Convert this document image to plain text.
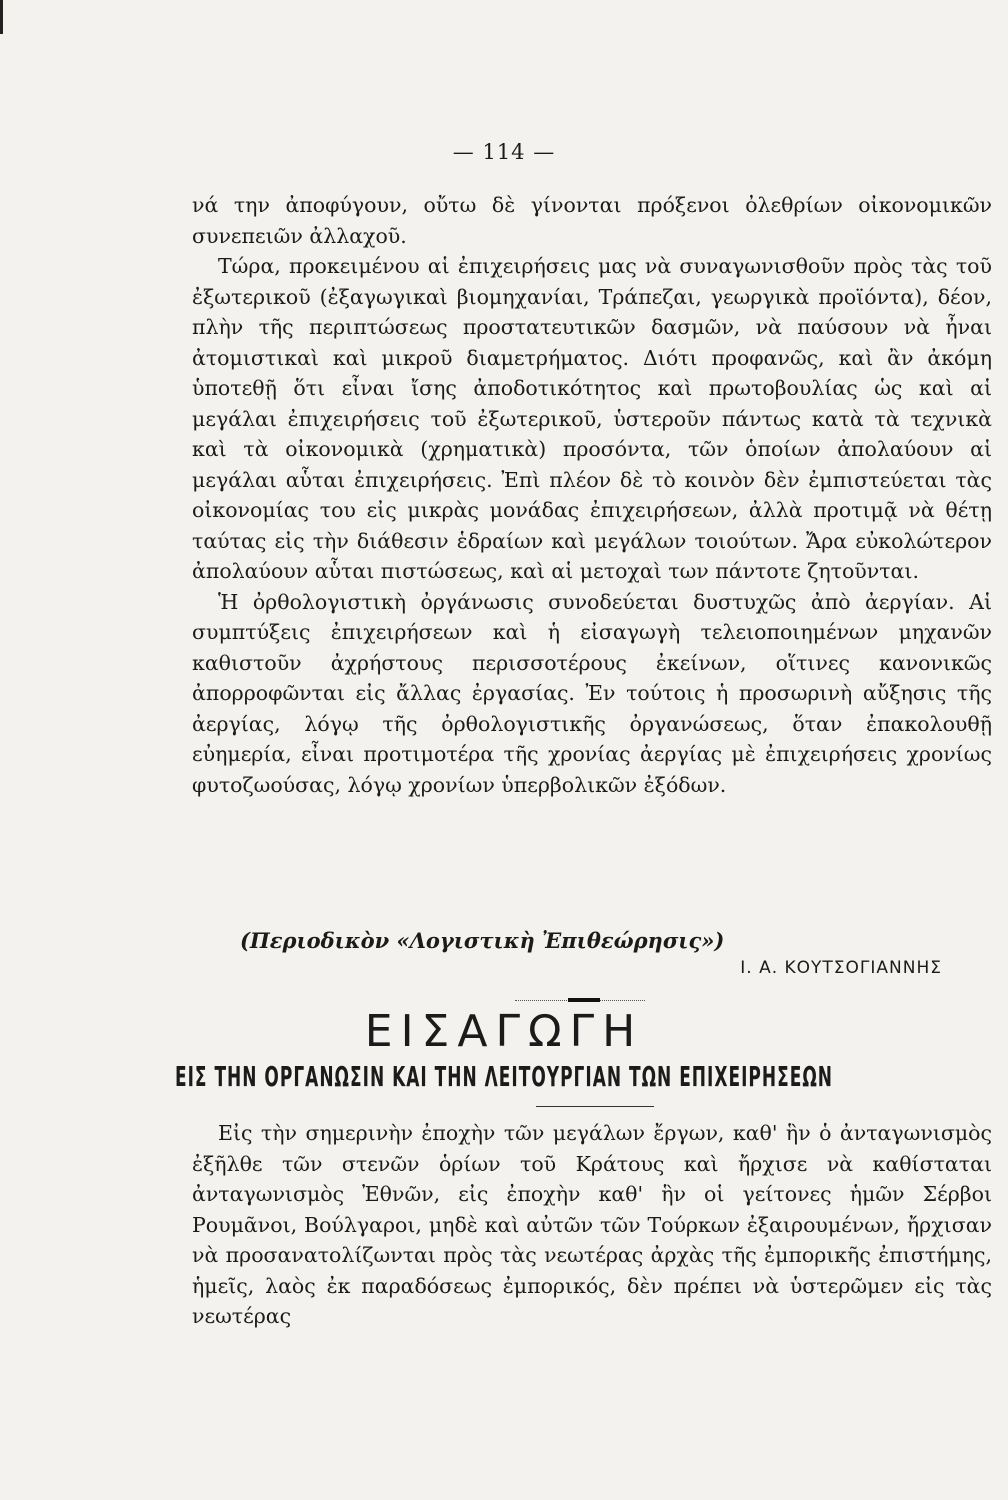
— 114 —

νά την ἀποφύγουν, οὔτω δὲ γίνονται πρόξενοι ὀλεθρίων οἰκονομικῶν συνεπειῶν ἀλλαχοῦ.

Τώρα, προκειμένου αἱ ἐπιχειρήσεις μας νὰ συναγωνισθοῦν πρὸς τὰς τοῦ ἐξωτερικοῦ (ἐξαγωγικαὶ βιομηχανίαι, Τράπεζαι, γεωργικὰ προϊόντα), δέον, πλὴν τῆς περιπτώσεως προστατευτικῶν δασμῶν, νὰ παύσουν νὰ ἦναι ἀτομιστικαὶ καὶ μικροῦ διαμετρήματος. Διότι προφανῶς, καὶ ἂν ἀκόμη ὑποτεθῇ ὅτι εἶναι ἴσης ἀποδοτικότητος καὶ πρωτοβουλίας ὡς καὶ αἱ μεγάλαι ἐπιχειρήσεις τοῦ ἐξωτερικοῦ, ὑστεροῦν πάντως κατὰ τὰ τεχνικὰ καὶ τὰ οἰκονομικὰ (χρηματικὰ) προσόντα, τῶν ὁποίων ἀπολαύουν αἱ μεγάλαι αὗται ἐπιχειρήσεις. Ἐπὶ πλέον δὲ τὸ κοινὸν δὲν ἐμπιστεύεται τὰς οἰκονομίας του εἰς μικρὰς μονάδας ἐπιχειρήσεων, ἀλλὰ προτιμᾷ νὰ θέτῃ ταύτας εἰς τὴν διάθεσιν ἑδραίων καὶ μεγάλων τοιούτων. Ἄρα εὐκολώτερον ἀπολαύουν αὗται πιστώσεως, καὶ αἱ μετοχαὶ των πάντοτε ζητοῦνται.

Ἡ ὀρθολογιστικὴ ὀργάνωσις συνοδεύεται δυστυχῶς ἀπὸ ἀεργίαν. Αἱ συμπτύξεις ἐπιχειρήσεων καὶ ἡ εἰσαγωγὴ τελειοποιημένων μηχανῶν καθιστοῦν ἀχρήστους περισσοτέρους ἐκείνων, οἵτινες κανονικῶς ἀπορροφῶνται εἰς ἄλλας ἐργασίας. Ἐν τούτοις ἡ προσωρινὴ αὔξησις τῆς ἀεργίας, λόγῳ τῆς ὀρθολογιστικῆς ὀργανώσεως, ὅταν ἐπακολουθῇ εὐημερία, εἶναι προτιμοτέρα τῆς χρονίας ἀεργίας μὲ ἐπιχειρήσεις χρονίως φυτοζωούσας, λόγῳ χρονίων ὑπερβολικῶν ἐξόδων.

(Περιοδικὸν «Λογιστικὴ Ἐπιθεώρησις»)
Ι. Α. ΚΟΥΤΣΟΓΙΑΝΝΗΣ
ΕΙΣΑΓΩΓΗ
ΕΙΣ ΤΗΝ ΟΡΓΑΝΩΣΙΝ ΚΑΙ ΤΗΝ ΛΕΙΤΟΥΡΓΙΑΝ ΤΩΝ ΕΠΙΧΕΙΡΗΣΕΩΝ

Εἰς τὴν σημερινὴν ἐποχὴν τῶν μεγάλων ἔργων, καθ' ἣν ὁ ἀνταγωνισμὸς ἐξῆλθε τῶν στενῶν ὁρίων τοῦ Κράτους καὶ ἤρχισε νὰ καθίσταται ἀνταγωνισμὸς Ἐθνῶν, εἰς ἐποχὴν καθ' ἣν οἱ γείτονες ἡμῶν Σέρβοι Ρουμᾶνοι, Βούλγαροι, μηδὲ καὶ αὐτῶν τῶν Τούρκων ἐξαιρουμένων, ἤρχισαν νὰ προσανατολίζωνται πρὸς τὰς νεωτέρας ἀρχὰς τῆς ἐμπορικῆς ἐπιστήμης, ἡμεῖς, λαὸς ἐκ παραδόσεως ἐμπορικός, δὲν πρέπει νὰ ὑστερῶμεν εἰς τὰς νεωτέρας
